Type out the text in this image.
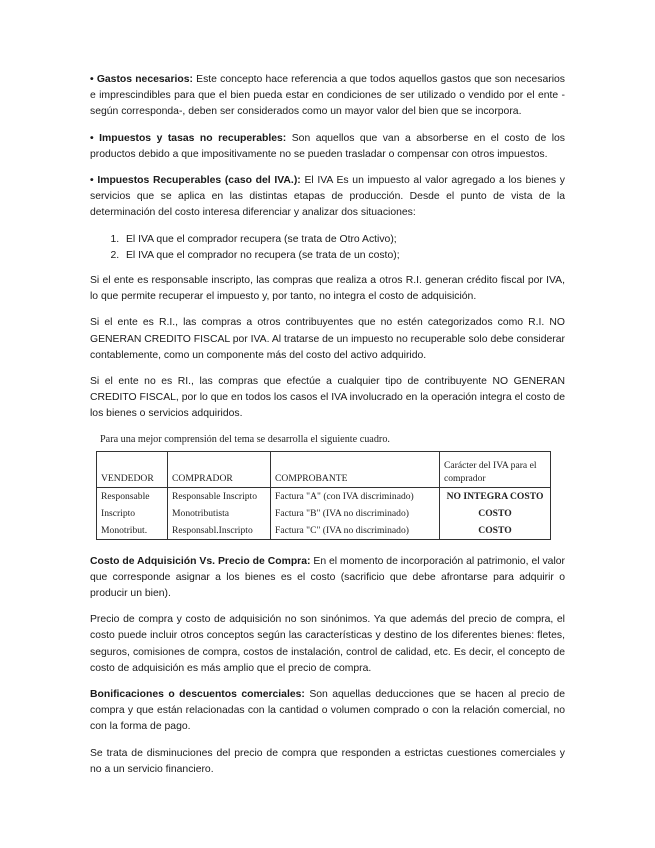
• Gastos necesarios: Este concepto hace referencia a que todos aquellos gastos que son necesarios e imprescindibles para que el bien pueda estar en condiciones de ser utilizado o vendido por el ente -según corresponda-, deben ser considerados como un mayor valor del bien que se incorpora.

• Impuestos y tasas no recuperables: Son aquellos que van a absorberse en el costo de los productos debido a que impositivamente no se pueden trasladar o compensar con otros impuestos.

• Impuestos Recuperables (caso del IVA.): El IVA Es un impuesto al valor agregado a los bienes y servicios que se aplica en las distintas etapas de producción. Desde el punto de vista de la determinación del costo interesa diferenciar y analizar dos situaciones:

1. El IVA que el comprador recupera (se trata de Otro Activo);
2. El IVA que el comprador no recupera (se trata de un costo);

Si el ente es responsable inscripto, las compras que realiza a otros R.I. generan crédito fiscal por IVA, lo que permite recuperar el impuesto y, por tanto, no integra el costo de adquisición.

Si el ente es R.I., las compras a otros contribuyentes que no estén categorizados como R.I. NO GENERAN CREDITO FISCAL por IVA. Al tratarse de un impuesto no recuperable solo debe considerar contablemente, como un componente más del costo del activo adquirido.

Si el ente no es RI., las compras que efectúe a cualquier tipo de contribuyente NO GENERAN CREDITO FISCAL, por lo que en todos los casos el IVA involucrado en la operación integra el costo de los bienes o servicios adquiridos.

Para una mejor comprensión del tema se desarrolla el siguiente cuadro.
VENDEDOR	COMPRADOR	COMPROBANTE	Carácter del IVA para el comprador
Responsable	Responsable Inscripto	Factura "A" (con IVA discriminado)	NO INTEGRA COSTO
Inscripto	Monotributista	Factura "B" (IVA no discriminado)	COSTO
Monotribut.	Responsabl.Inscripto	Factura "C" (IVA no discriminado)	COSTO

Costo de Adquisición Vs. Precio de Compra: En el momento de incorporación al patrimonio, el valor que corresponde asignar a los bienes es el costo (sacrificio que debe afrontarse para adquirir o producir un bien).

Precio de compra y costo de adquisición no son sinónimos. Ya que además del precio de compra, el costo puede incluir otros conceptos según las características y destino de los diferentes bienes: fletes, seguros, comisiones de compra, costos de instalación, control de calidad, etc. Es decir, el concepto de costo de adquisición es más amplio que el precio de compra.

Bonificaciones o descuentos comerciales: Son aquellas deducciones que se hacen al precio de compra y que están relacionadas con la cantidad o volumen comprado o con la relación comercial, no con la forma de pago.

Se trata de disminuciones del precio de compra que responden a estrictas cuestiones comerciales y no a un servicio financiero.
